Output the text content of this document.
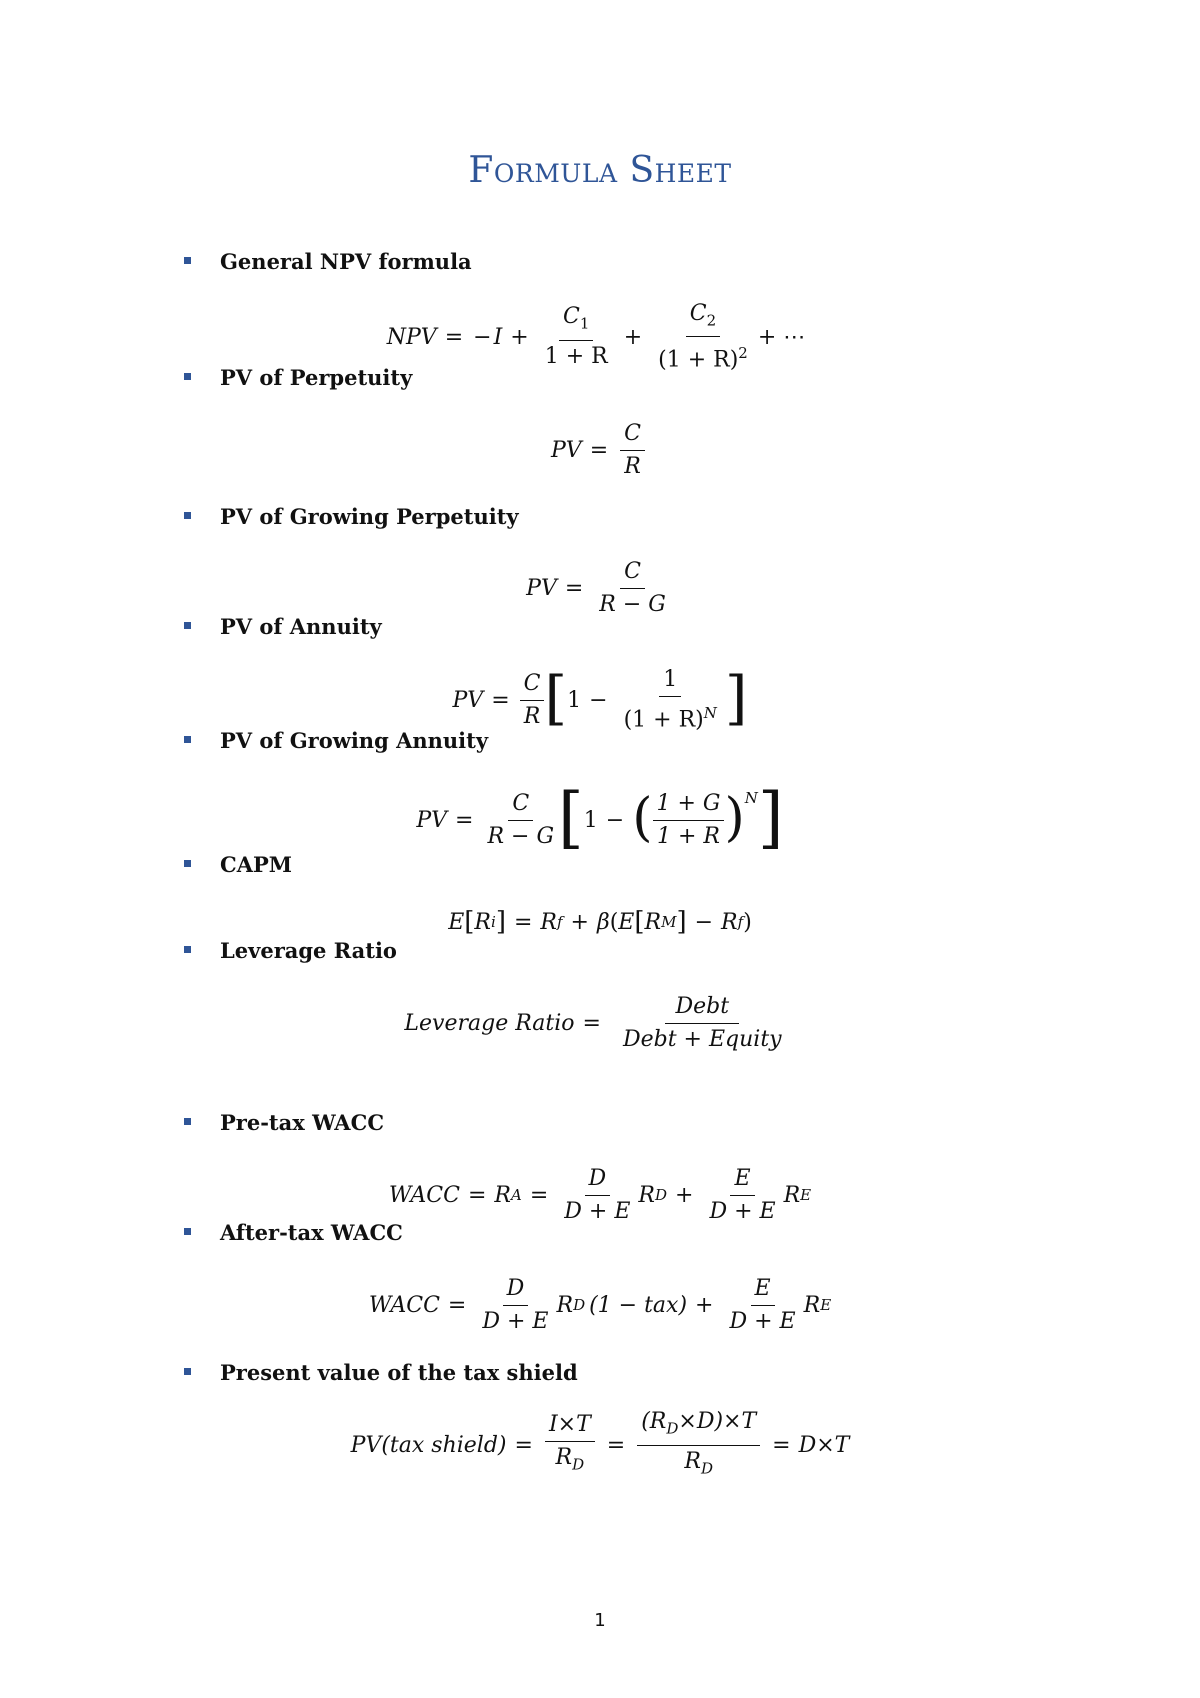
Formula Sheet
General NPV formula
NPV = − $I + \frac{C_1}{1 + R} + \frac{C_2}{(1 + R)^2}$ + ⋯
PV of Perpetuity
PV = $\frac{C}{R}$
PV of Growing Perpetuity
PV = $\frac{C}{R - G}$
PV of Annuity
PV = $\frac{C}{R}$ [ $1 - \frac{1}{(1 + R)^N}$ ]
PV of Growing Annuity
PV = $\frac{C}{R - G}$ [ 1 − ( $\frac{1 + G}{1 + R} )^N$ ]
CAPM
E [ R i ] = R f + β ( E [ R M ] − R f )
Leverage Ratio
Leverage Ratio = $\frac{\text{Debt}}{\text{Debt + Equity}}$
Pre-tax WACC
WACC = R $A = \frac{D}{D + E}$ R $D + \frac{E}{D + E}$ R E
After-tax WACC
WACC = $\frac{D}{D + E}$ R D $(1 - tax) + \frac{E}{D + E}$ R E
Present value of the tax shield
PV(tax shield) = $\frac{I\times T}{R_D} = \frac{(R_D\times D)\times T}{R_D} = D\times T$
1
